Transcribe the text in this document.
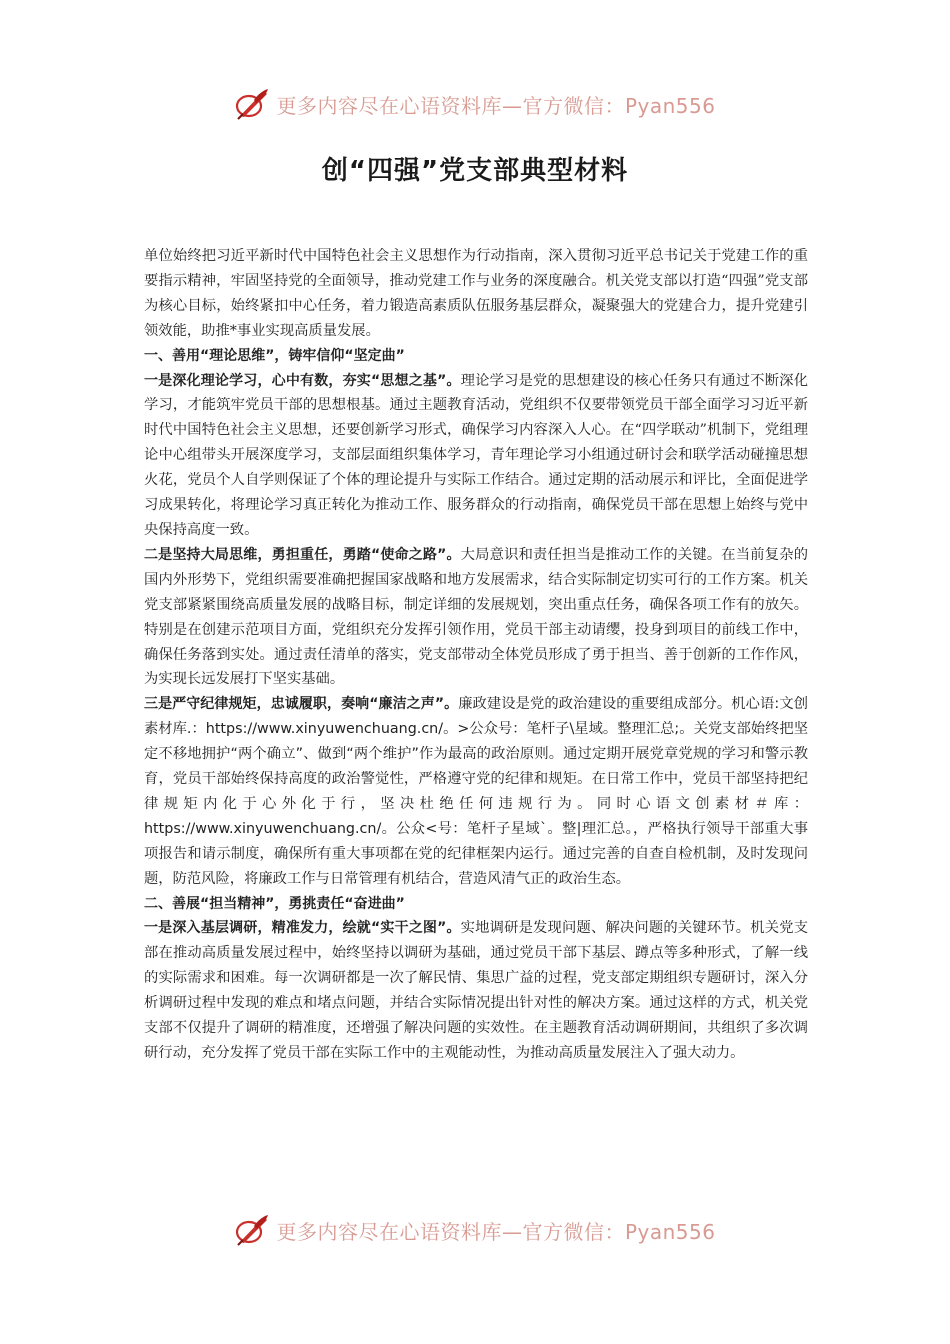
更多内容尽在心语资料库—官方微信：Pyan556
创“四强”党支部典型材料

单位始终把习近平新时代中国特色社会主义思想作为行动指南，深入贯彻习近平总书记关于党建工作的重要指示精神，牢固坚持党的全面领导，推动党建工作与业务的深度融合。机关党支部以打造“四强”党支部为核心目标，始终紧扣中心任务，着力锻造高素质队伍服务基层群众，凝聚强大的党建合力，提升党建引领效能，助推*事业实现高质量发展。

一、善用“理论思维”，铸牢信仰“坚定曲”

一是深化理论学习，心中有数，夯实“思想之基”。理论学习是党的思想建设的核心任务只有通过不断深化学习，才能筑牢党员干部的思想根基。通过主题教育活动，党组织不仅要带领党员干部全面学习习近平新时代中国特色社会主义思想，还要创新学习形式，确保学习内容深入人心。在“四学联动”机制下，党组理论中心组带头开展深度学习，支部层面组织集体学习，青年理论学习小组通过研讨会和联学活动碰撞思想火花，党员个人自学则保证了个体的理论提升与实际工作结合。通过定期的活动展示和评比，全面促进学习成果转化，将理论学习真正转化为推动工作、服务群众的行动指南，确保党员干部在思想上始终与党中央保持高度一致。

二是坚持大局思维，勇担重任，勇踏“使命之路”。大局意识和责任担当是推动工作的关键。在当前复杂的国内外形势下，党组织需要准确把握国家战略和地方发展需求，结合实际制定切实可行的工作方案。机关党支部紧紧围绕高质量发展的战略目标，制定详细的发展规划，突出重点任务，确保各项工作有的放矢。特别是在创建示范项目方面，党组织充分发挥引领作用，党员干部主动请缨，投身到项目的前线工作中，确保任务落到实处。通过责任清单的落实，党支部带动全体党员形成了勇于担当、善于创新的工作作风，为实现长远发展打下坚实基础。

三是严守纪律规矩，忠诚履职，奏响“廉洁之声”。廉政建设是党的政治建设的重要组成部分。机心语:文创素材库.：https://www.xinyuwenchuang.cn/。>公众号：笔杆子\星域。整理汇总;。关党支部始终把坚定不移地拥护“两个确立”、做到“两个维护”作为最高的政治原则。通过定期开展党章党规的学习和警示教育，党员干部始终保持高度的政治警觉性，严格遵守党的纪律和规矩。在日常工作中，党员干部坚持把纪律规矩内化于心外化于行，坚决杜绝任何违规行为。同时心语文创素材＃库：https://www.xinyuwenchuang.cn/。公众<号：笔杆子星域`。整|理汇总。，严格执行领导干部重大事项报告和请示制度，确保所有重大事项都在党的纪律框架内运行。通过完善的自查自检机制，及时发现问题，防范风险，将廉政工作与日常管理有机结合，营造风清气正的政治生态。

二、善展“担当精神”，勇挑责任“奋进曲”

一是深入基层调研，精准发力，绘就“实干之图”。实地调研是发现问题、解决问题的关键环节。机关党支部在推动高质量发展过程中，始终坚持以调研为基础，通过党员干部下基层、蹲点等多种形式，了解一线的实际需求和困难。每一次调研都是一次了解民情、集思广益的过程，党支部定期组织专题研讨，深入分析调研过程中发现的难点和堵点问题，并结合实际情况提出针对性的解决方案。通过这样的方式，机关党支部不仅提升了调研的精准度，还增强了解决问题的实效性。在主题教育活动调研期间，共组织了多次调研行动，充分发挥了党员干部在实际工作中的主观能动性，为推动高质量发展注入了强大动力。

更多内容尽在心语资料库—官方微信：Pyan556
